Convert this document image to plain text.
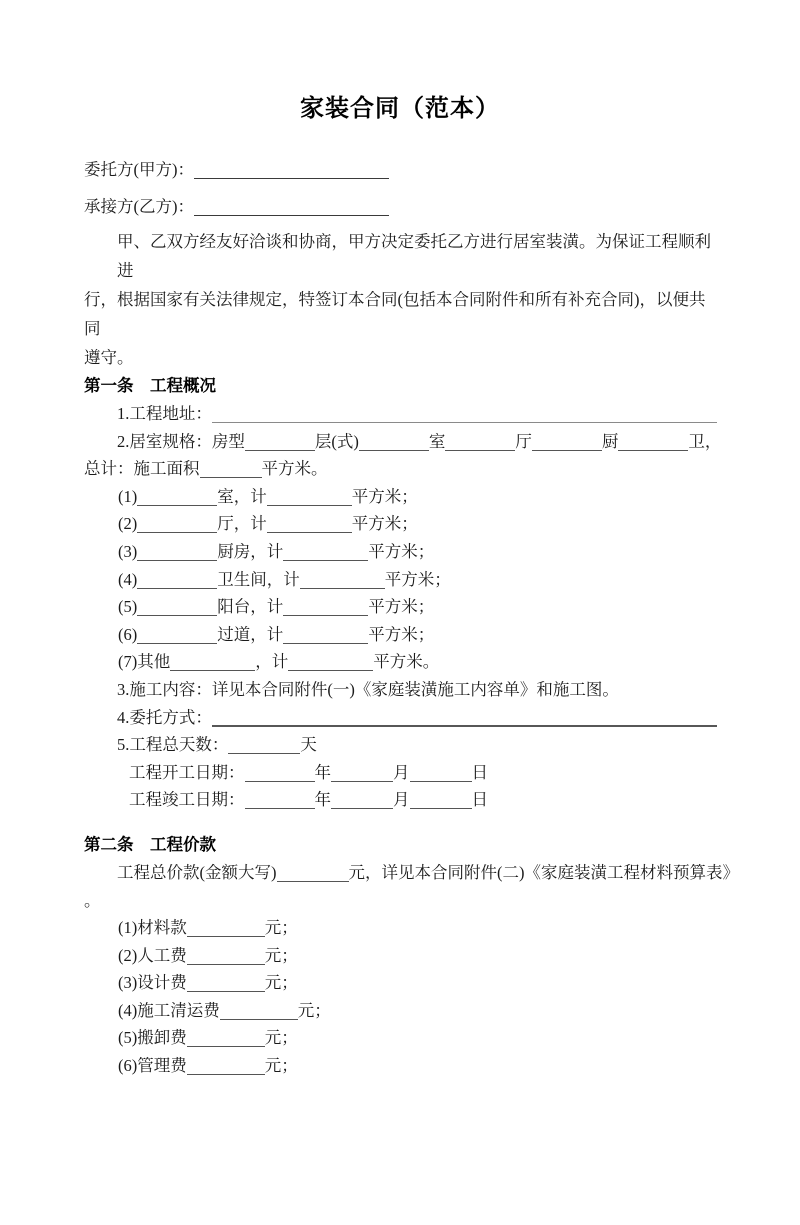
家装合同（范本）
委托方(甲方)：
承接方(乙方)：
甲、乙双方经友好洽谈和协商，甲方决定委托乙方进行居室装潢。为保证工程顺利进
行，根据国家有关法律规定，特签订本合同(包括本合同附件和所有补充合同)，以便共同
遵守。
第一条　工程概况
1.工程地址：
2.居室规格：房型	层(式)	室	厅	厨	卫，
总计：施工面积	平方米。
(1)	室，计	平方米；
(2)	厅，计	平方米；
(3)	厨房，计	平方米；
(4)	卫生间，计	平方米；
(5)	阳台，计	平方米；
(6)	过道，计	平方米；
(7)其他	，计	平方米。
3.施工内容：详见本合同附件(一)《家庭装潢施工内容单》和施工图。
4.委托方式：
5.工程总天数：	天
工程开工日期：	年	月	日
工程竣工日期：	年	月	日
第二条　工程价款
工程总价款(金额大写)	元，详见本合同附件(二)《家庭装潢工程材料预算表》
。
(1)材料款	元；
(2)人工费	元；
(3)设计费	元；
(4)施工清运费	元；
(5)搬卸费	元；
(6)管理费	元；
